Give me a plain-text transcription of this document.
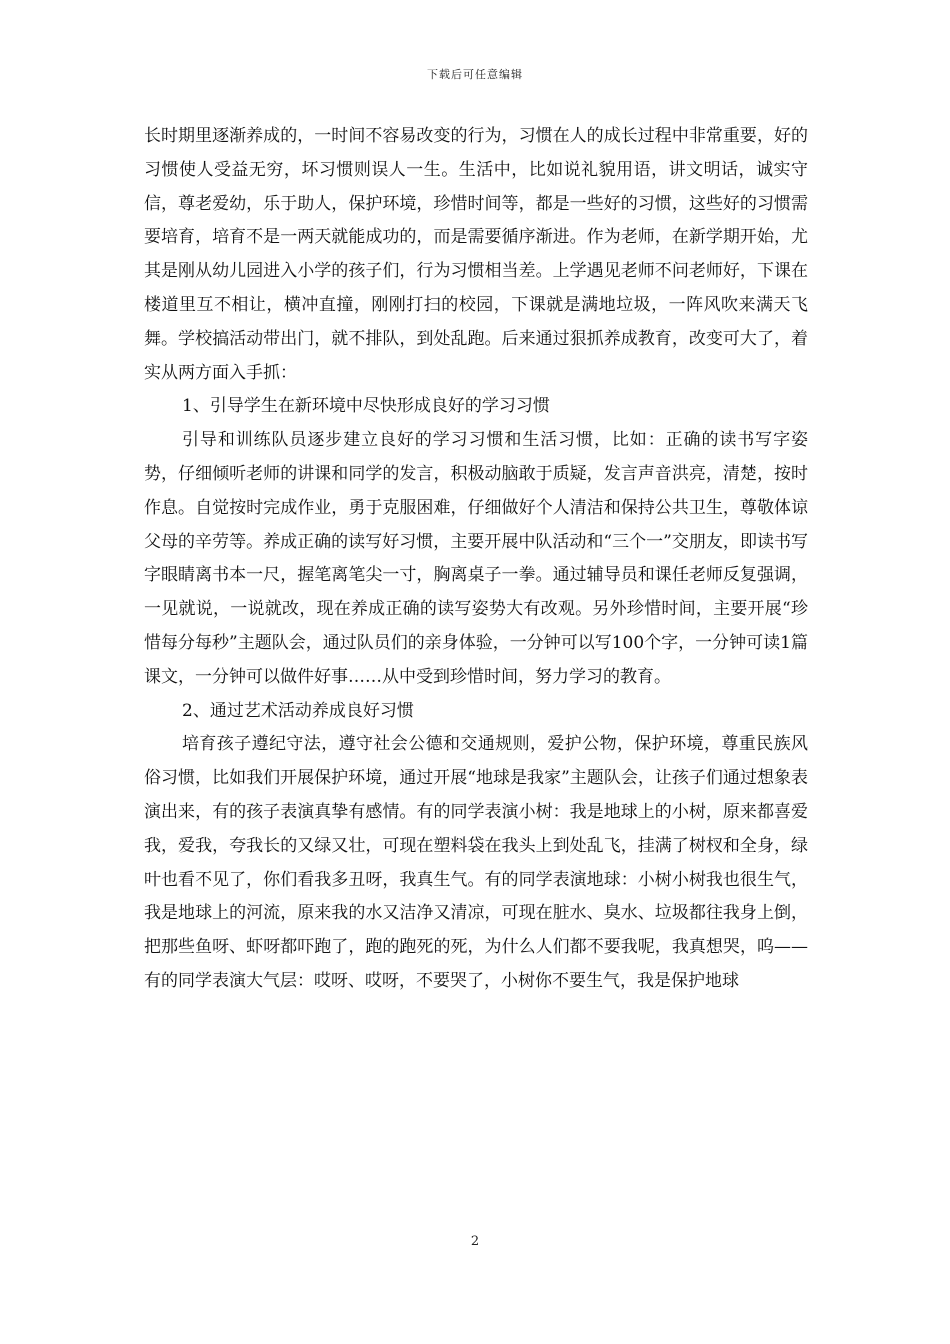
下载后可任意编辑

长时期里逐渐养成的，一时间不容易改变的行为，习惯在人的成长过程中非常重要，好的习惯使人受益无穷，坏习惯则误人一生。生活中，比如说礼貌用语，讲文明话，诚实守信，尊老爱幼，乐于助人，保护环境，珍惜时间等，都是一些好的习惯，这些好的习惯需要培育，培育不是一两天就能成功的，而是需要循序渐进。作为老师，在新学期开始，尤其是刚从幼儿园进入小学的孩子们，行为习惯相当差。上学遇见老师不问老师好，下课在楼道里互不相让，横冲直撞，刚刚打扫的校园，下课就是满地垃圾，一阵风吹来满天飞舞。学校搞活动带出门，就不排队，到处乱跑。后来通过狠抓养成教育，改变可大了，着实从两方面入手抓：

1、引导学生在新环境中尽快形成良好的学习习惯

引导和训练队员逐步建立良好的学习习惯和生活习惯，比如：正确的读书写字姿势，仔细倾听老师的讲课和同学的发言，积极动脑敢于质疑，发言声音洪亮，清楚，按时作息。自觉按时完成作业，勇于克服困难，仔细做好个人清洁和保持公共卫生，尊敬体谅父母的辛劳等。养成正确的读写好习惯，主要开展中队活动和“三个一”交朋友，即读书写字眼睛离书本一尺，握笔离笔尖一寸，胸离桌子一拳。通过辅导员和课任老师反复强调，一见就说，一说就改，现在养成正确的读写姿势大有改观。另外珍惜时间，主要开展“珍惜每分每秒”主题队会，通过队员们的亲身体验，一分钟可以写100个字，一分钟可读1篇课文，一分钟可以做件好事……从中受到珍惜时间，努力学习的教育。

2、通过艺术活动养成良好习惯

培育孩子遵纪守法，遵守社会公德和交通规则，爱护公物，保护环境，尊重民族风俗习惯，比如我们开展保护环境，通过开展“地球是我家”主题队会，让孩子们通过想象表演出来，有的孩子表演真挚有感情。有的同学表演小树：我是地球上的小树，原来都喜爱我，爱我，夸我长的又绿又壮，可现在塑料袋在我头上到处乱飞，挂满了树杈和全身，绿叶也看不见了，你们看我多丑呀，我真生气。有的同学表演地球：小树小树我也很生气，我是地球上的河流，原来我的水又洁净又清凉，可现在脏水、臭水、垃圾都往我身上倒，把那些鱼呀、虾呀都吓跑了，跑的跑死的死，为什么人们都不要我呢，我真想哭，呜——有的同学表演大气层：哎呀、哎呀，不要哭了，小树你不要生气，我是保护地球

2
